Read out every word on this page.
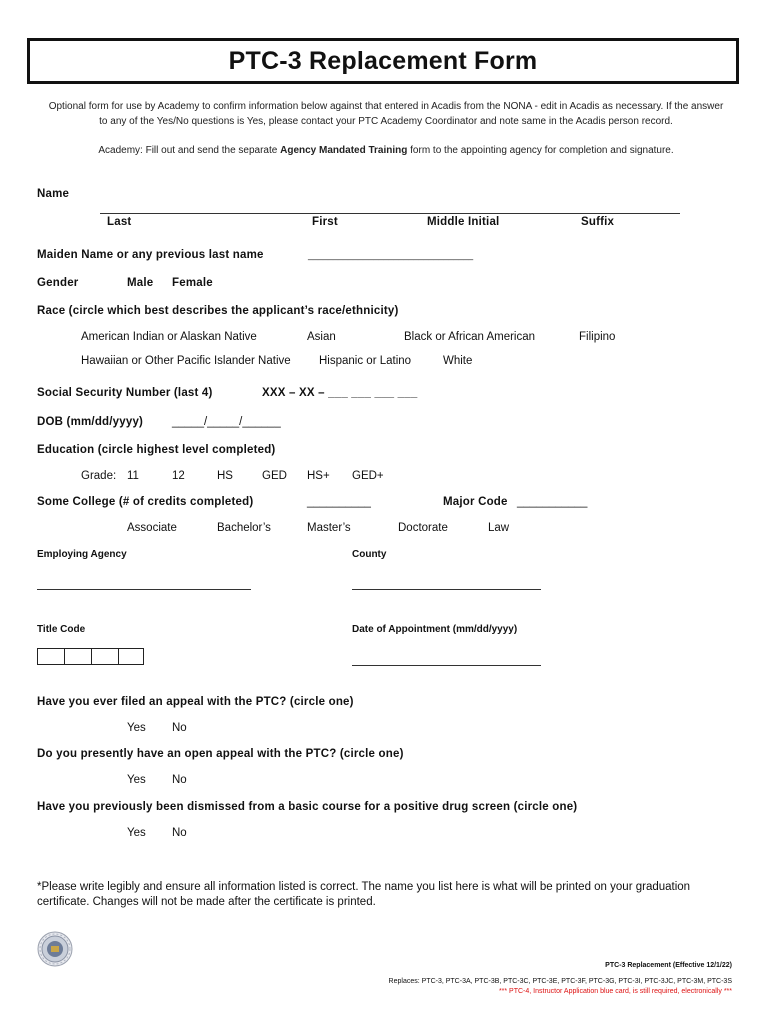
PTC-3 Replacement Form
Optional form for use by Academy to confirm information below against that entered in Acadis from the NONA - edit in Acadis as necessary. If the answer to any of the Yes/No questions is Yes, please contact your PTC Academy Coordinator and note same in the Acadis person record.
Academy: Fill out and send the separate Agency Mandated Training form to the appointing agency for completion and signature.
Name
Last	First	Middle Initial	Suffix
Maiden Name or any previous last name	_________________________________
Gender	Male Female
Race (circle which best describes the applicant’s race/ethnicity)
American Indian or Alaskan Native	Asian	Black or African American	Filipino
Hawaiian or Other Pacific Islander Native Hispanic or Latino	White
Social Security Number (last 4)	XXX – XX – ___ ___ ___ ___
DOB (mm/dd/yyyy)	_____/_____/______
Education (circle highest level completed)
Grade: 11	12	HS	GED HS+ GED+
Some College (# of credits completed)	__________	Major Code ___________
Associate	Bachelor’s	Master’s	Doctorate	Law
Employing Agency	County
Title Code	Date of Appointment (mm/dd/yyyy)
Have you ever filed an appeal with the PTC? (circle one)
Yes No
Do you presently have an open appeal with the PTC? (circle one)
Yes No
Have you previously been dismissed from a basic course for a positive drug screen (circle one)
Yes No
*Please write legibly and ensure all information listed is correct. The name you list here is what will be printed on your graduation certificate. Changes will not be made after the certificate is printed.
PTC-3 Replacement (Effective 12/1/22)
Replaces: PTC-3, PTC-3A, PTC-3B, PTC-3C, PTC-3E, PTC-3F, PTC-3G, PTC-3I, PTC-3JC, PTC-3M, PTC-3S
*** PTC-4, Instructor Application blue card, is still required, electronically ***
